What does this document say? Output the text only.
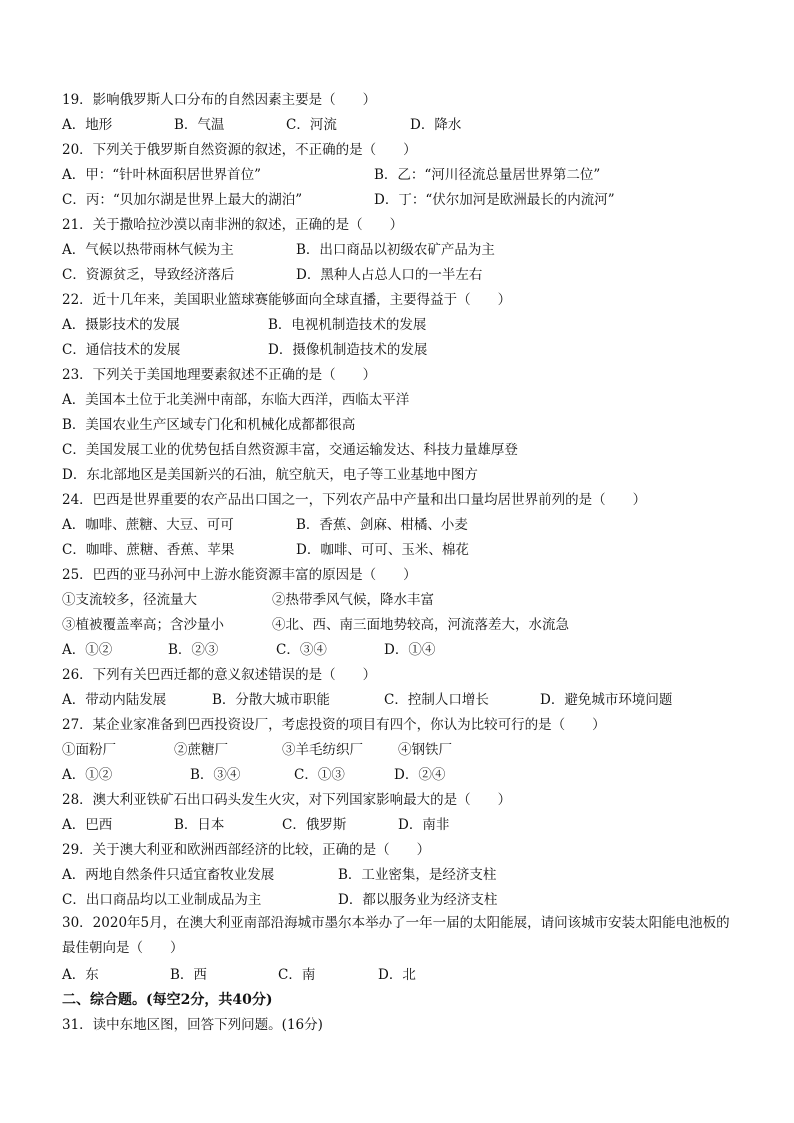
19．影响俄罗斯人口分布的自然因素主要是（　　）
A．地形	B．气温	C．河流	D．降水
20．下列关于俄罗斯自然资源的叙述，不正确的是（　　）
A．甲：“针叶林面积居世界首位”	B．乙：“河川径流总量居世界第二位”
C．丙：“贝加尔湖是世界上最大的湖泊”	D．丁：“伏尔加河是欧洲最长的内流河”
21．关于撒哈拉沙漠以南非洲的叙述，正确的是（　　）
A．气候以热带雨林气候为主	B．出口商品以初级农矿产品为主
C．资源贫乏，导致经济落后	D．黑种人占总人口的一半左右
22．近十几年来，美国职业篮球赛能够面向全球直播，主要得益于（　　）
A．摄影技术的发展	B．电视机制造技术的发展
C．通信技术的发展	D．摄像机制造技术的发展
23．下列关于美国地理要素叙述不正确的是（　　）
A．美国本土位于北美洲中南部，东临大西洋，西临太平洋
B．美国农业生产区域专门化和机械化成都都很高
C．美国发展工业的优势包括自然资源丰富，交通运输发达、科技力量雄厚登
D．东北部地区是美国新兴的石油，航空航天，电子等工业基地中图方
24．巴西是世界重要的农产品出口国之一，下列农产品中产量和出口量均居世界前列的是（　　）
A．咖啡、蔗糖、大豆、可可	B．香蕉、剑麻、柑橘、小麦
C．咖啡、蔗糖、香蕉、苹果	D．咖啡、可可、玉米、棉花
25．巴西的亚马孙河中上游水能资源丰富的原因是（　　）
①支流较多，径流量大	②热带季风气候，降水丰富
③植被覆盖率高；含沙量小	④北、西、南三面地势较高，河流落差大，水流急
A．①②	B．②③	C．③④	D．①④
26．下列有关巴西迁都的意义叙述错误的是（　　）
A．带动内陆发展	B．分散大城市职能	C．控制人口增长	D．避免城市环境问题
27．某企业家准备到巴西投资设厂，考虑投资的项目有四个，你认为比较可行的是（　　）
①面粉厂	②蔗糖厂	③羊毛纺织厂	④钢铁厂
A．①②	B．③④	C．①③	D．②④
28．澳大利亚铁矿石出口码头发生火灾，对下列国家影响最大的是（　　）
A．巴西	B．日本	C．俄罗斯	D．南非
29．关于澳大利亚和欧洲西部经济的比较，正确的是（　　）
A．两地自然条件只适宜畜牧业发展	B．工业密集，是经济支柱
C．出口商品均以工业制成品为主	D．都以服务业为经济支柱
30．2020年5月，在澳大利亚南部沿海城市墨尔本举办了一年一届的太阳能展，请问该城市安装太阳能电池板的最佳朝向是（　　）
A．东	B．西	C．南	D．北
二、综合题。(每空2分，共40分)
31．读中东地区图，回答下列问题。(16分)
